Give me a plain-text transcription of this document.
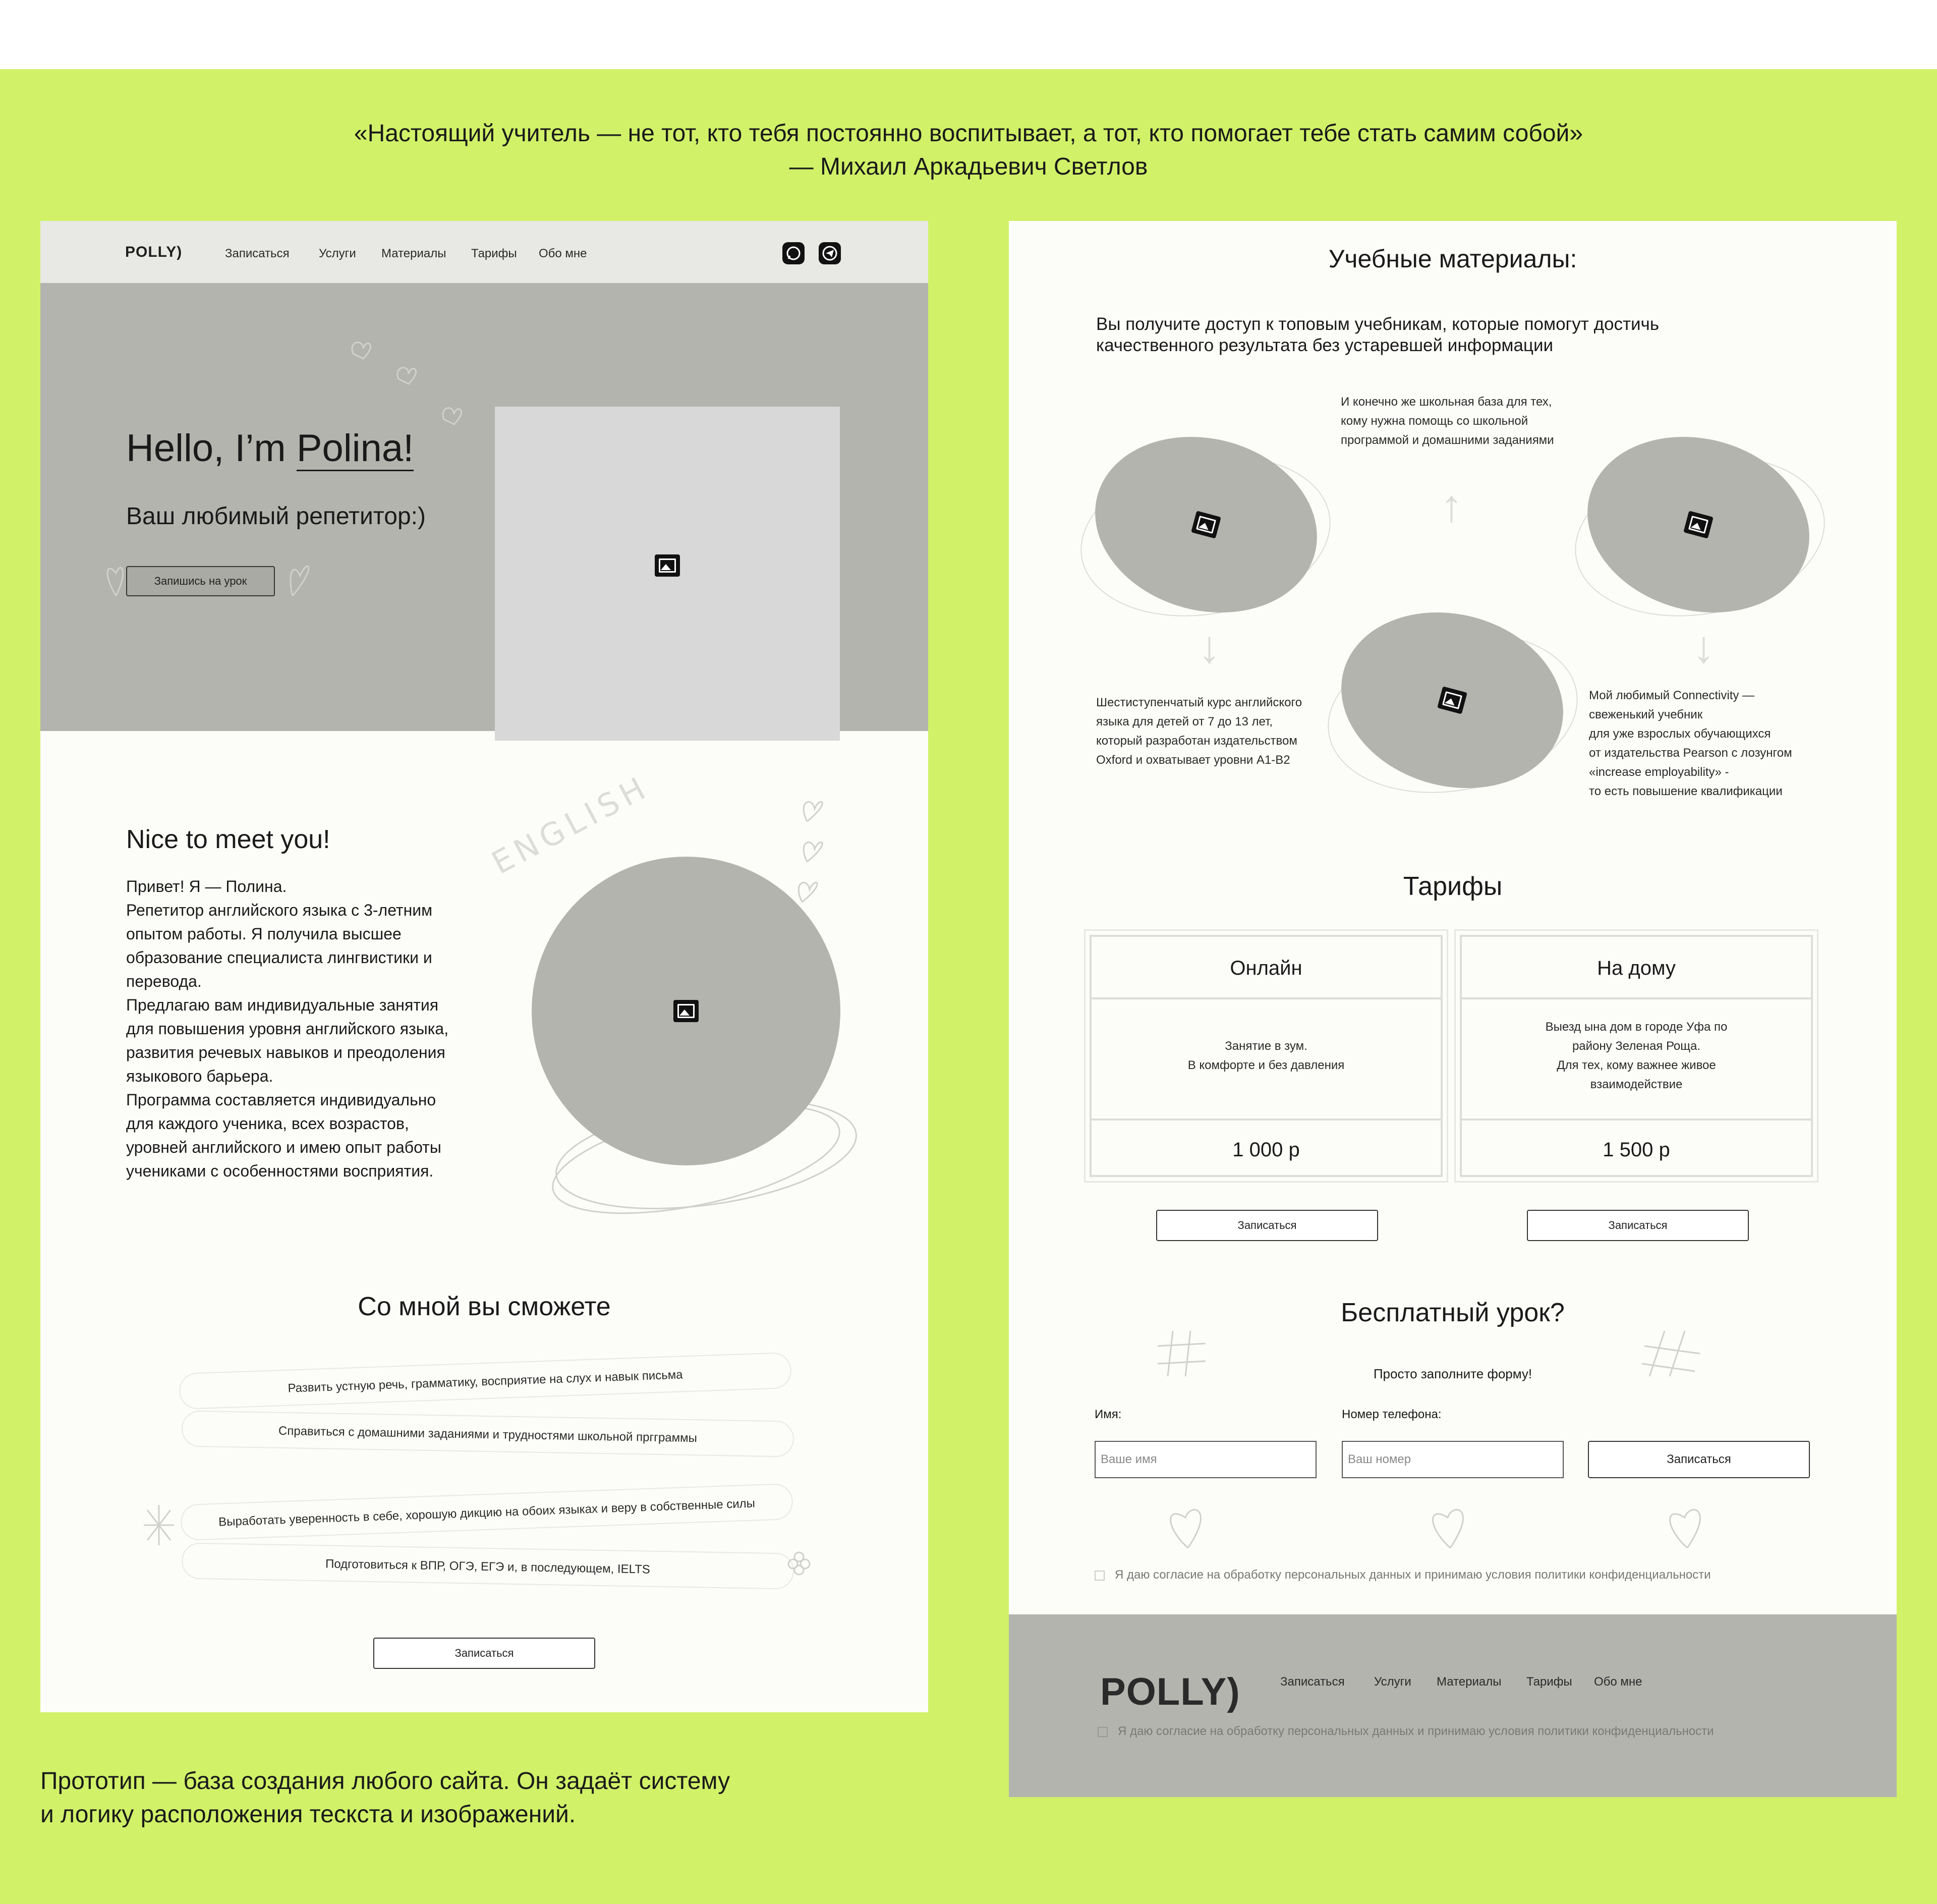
«Настоящий учитель — не тот, кто тебя постоянно воспитывает, а тот, кто помогает тебе стать самим собой»
— Михаил Аркадьевич Светлов
POLLY)	Записаться Услуги Материалы Тарифы Обо мне
Hello, I’m Polina!
Ваш любимый репетитор:)
Запишись на урок
ENGLISH
Nice to meet you!

Привет! Я — Полина.

Репетитор английского языка с 3-летним опытом работы. Я получила высшее образование специалиста лингвистики и перевода.

Предлагаю вам индивидуальные занятия для повышения уровня английского языка, развития речевых навыков и преодоления языкового барьера.

Программа составляется индивидуально для каждого ученика, всех возрастов, уровней английского и имею опыт работы учениками с особенностями восприятия.

Со мной вы сможете
Развить устную речь, грамматику, восприятие на слух и навык письма
Справиться с домашними заданиями и трудностями школьной пргграммы
Выработать уверенность в себе, хорошую дикцию на обоих языках и веру в собственные силы
Подготовиться к ВПР, ОГЭ, ЕГЭ и, в последующем, IELTS
Записаться
Учебные материалы:
Вы получите доступ к топовым учебникам, которые помогут достичь качественного результата без устаревшей информации
И конечно же школьная база для тех,
кому нужна помощь со школьной
программой и домашними заданиями
↑
↓	↓
Шестиступенчатый курс английского
языка для детей от 7 до 13 лет,
который разработан издательством
Oxford и охватывает уровни A1-B2
Мой любимый Connectivity —
свеженький учебник
для уже взрослых обучающихся
от издательства Pearson с лозунгом
«increase employability» -
то есть повышение квалификации
Тарифы
Онлайн
Занятие в зум.
В комфорте и без давления
1 000 р
Записаться
На дому
Выезд ына дом в городе Уфа по
районy Зеленая Роща.
Для тех, кому важнее живое
взаимодействие
1 500 р
Записаться
Бесплатный урок?
Просто заполните форму!
Имя:	Номер телефона:
Ваше имя
Ваш номер
Записаться
Я даю согласие на обработку персональных данных и принимаю условия политики конфиденциальности
POLLY)	Записаться Услуги Материалы Тарифы Обо мне
Я даю согласие на обработку персональных данных и принимаю условия политики конфиденциальности
Прототип — база создания любого сайта. Он задаёт систему
и логику расположения тескста и изображений.
